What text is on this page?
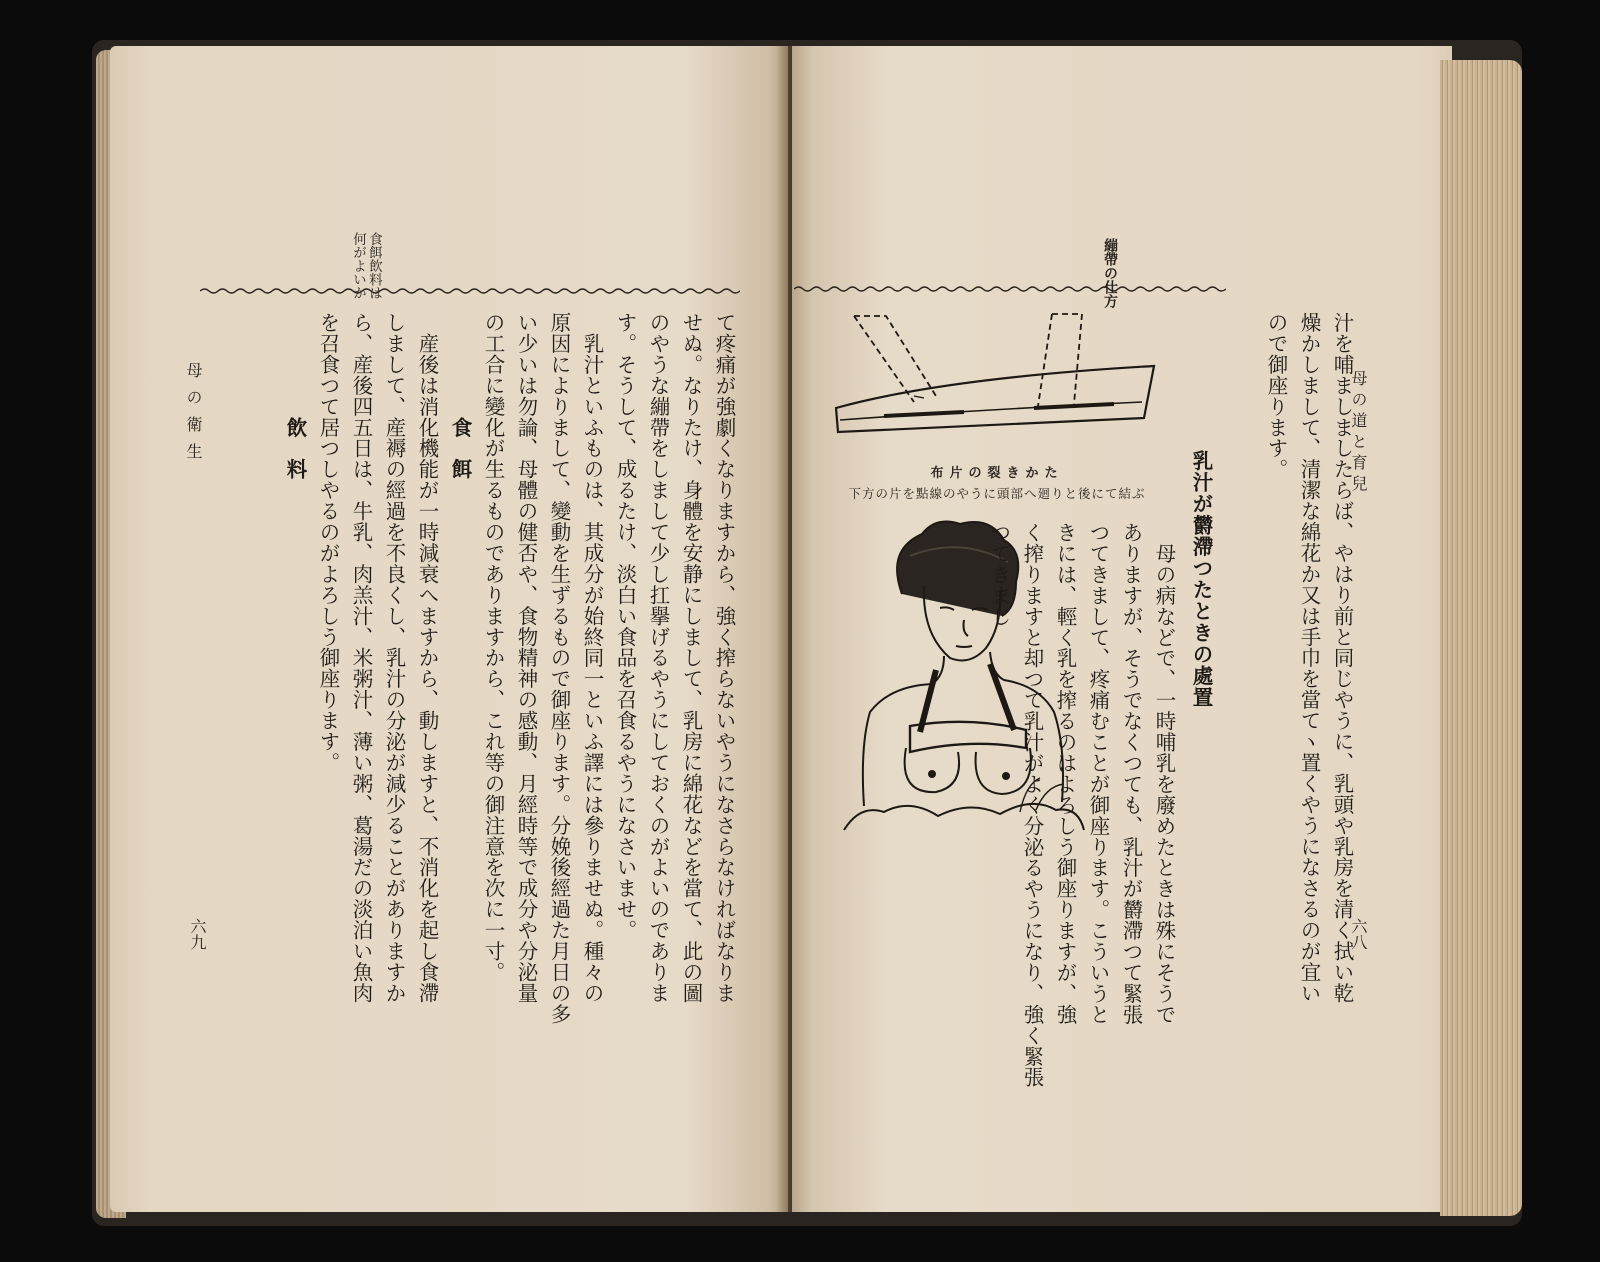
食餌飲料は
何がよいか
母の衛生	て疼痛が強劇くなりますから、強く搾らないやうになさらなければなりま
せぬ。なりたけ、身體を安静にしまして、乳房に綿花などを當て、此の圖
のやうな繃帶をしまして少し扛擧げるやうにしておくのがよいのでありま
す。そうして、成るたけ、淡白い食品を召食るやうになさいませ。
　乳汁といふものは、其成分が始終同一といふ譯には參りませぬ。種々の
原因によりまして、變動を生ずるもので御座ります。分娩後經過た月日の多
い少いは勿論、母體の健否や、食物精神の感動、月經時等で成分や分泌量
の工合に變化が生るものでありますから、これ等の御注意を次に一寸。
　　　　　食　餌
　産後は消化機能が一時減衰へますから、動しますと、不消化を起し食滯
しまして、産褥の經過を不良くし、乳汁の分泌が減少ることがありますか
ら、産後四五日は、牛乳、肉羔汁、米粥汁、薄い粥、葛湯だの淡泊い魚肉
を召食つて居つしやるのがよろしう御座ります。
　　　　　飲　料
六九
繃帶の仕方
母の道と育兒
汁を哺ましましたらば、やはり前と同じやうに、乳頭や乳房を清く拭い乾
燥かしまして、清潔な綿花か又は手巾を當てヽ置くやうになさるのが宜い
ので御座ります。
乳汁が欝滯つたときの處置
布片の裂きかた
下方の片を點線のやうに頭部へ廻りと後にて結ぶ
　母の病などで、一時哺乳を廢めたときは殊にそうで
ありますが、そうでなくつても、乳汁が欝滯つて緊張
つてきまして、疼痛むことが御座ります。こういうと
きには、輕く乳を搾るのはよろしう御座りますが、強
く搾りますと却つて乳汁がよく分泌るやうになり、強く緊張つてきまし
六八
